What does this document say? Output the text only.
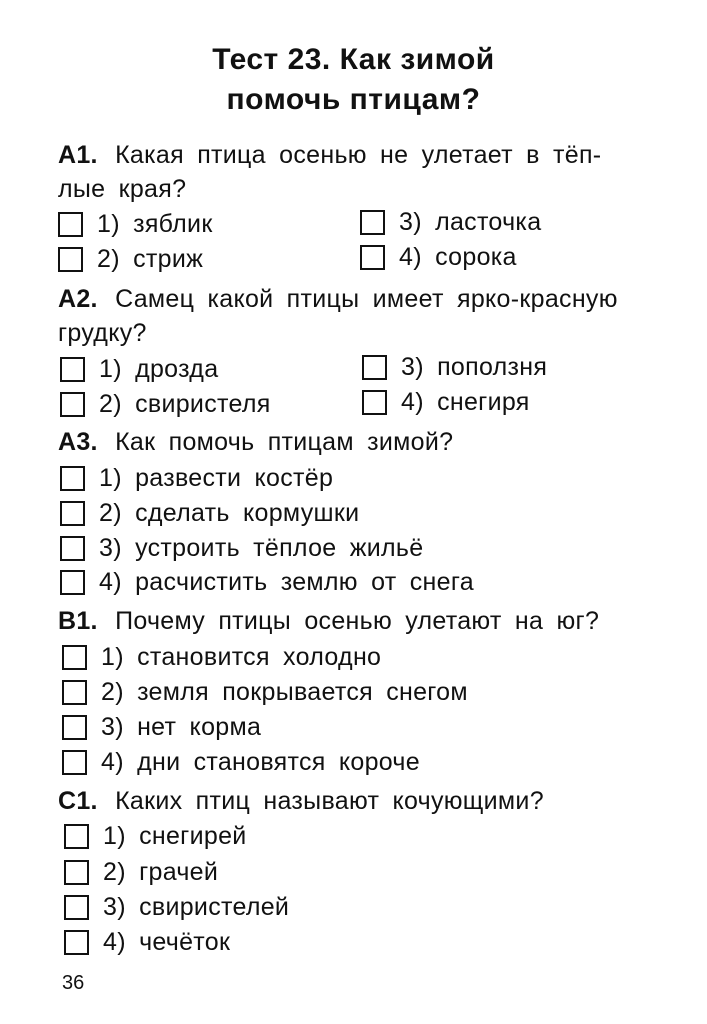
Тест 23. Как зимой
помочь птицам?
A1. Какая птица осенью не улетает в тёп-
лые края?
1) зяблик	3) ласточка
2) стриж	4) сорока
A2. Самец какой птицы имеет ярко-красную
грудку?
1) дрозда	3) поползня
2) свиристеля	4) снегиря
A3. Как помочь птицам зимой?
1) развести костёр
2) сделать кормушки
3) устроить тёплое жильё
4) расчистить землю от снега
B1. Почему птицы осенью улетают на юг?
1) становится холодно
2) земля покрывается снегом
3) нет корма
4) дни становятся короче
C1. Каких птиц называют кочующими?
1) снегирей
2) грачей
3) свиристелей
4) чечёток
36
